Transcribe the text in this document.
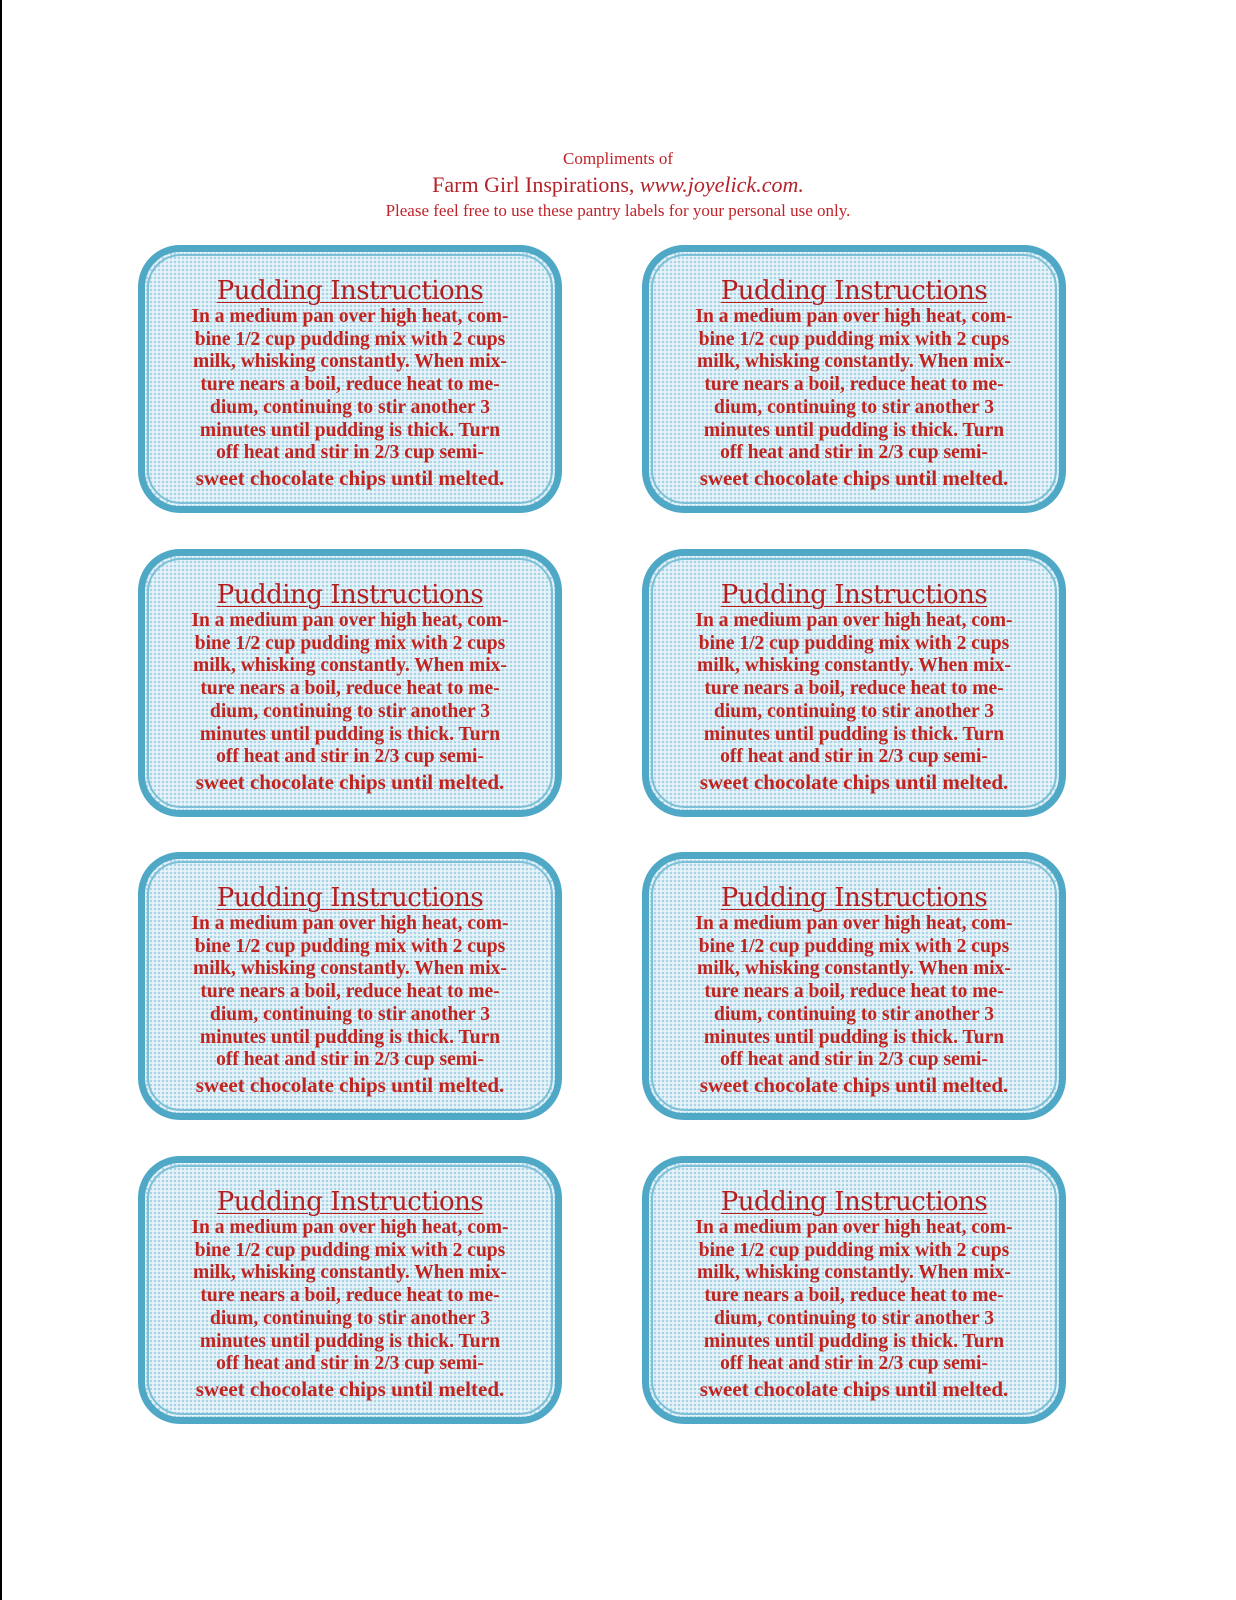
Compliments of
Farm Girl Inspirations, www.joyelick.com.
Please feel free to use these pantry labels for your personal use only.
Pudding Instructions
In a medium pan over high heat, com-
bine 1/2 cup pudding mix with 2 cups
milk, whisking constantly. When mix-
ture nears a boil, reduce heat to me-
dium, continuing to stir another 3
minutes until pudding is thick. Turn
off heat and stir in 2/3 cup semi-
sweet chocolate chips until melted.
Pudding Instructions
In a medium pan over high heat, com-
bine 1/2 cup pudding mix with 2 cups
milk, whisking constantly. When mix-
ture nears a boil, reduce heat to me-
dium, continuing to stir another 3
minutes until pudding is thick. Turn
off heat and stir in 2/3 cup semi-
sweet chocolate chips until melted.
Pudding Instructions
In a medium pan over high heat, com-
bine 1/2 cup pudding mix with 2 cups
milk, whisking constantly. When mix-
ture nears a boil, reduce heat to me-
dium, continuing to stir another 3
minutes until pudding is thick. Turn
off heat and stir in 2/3 cup semi-
sweet chocolate chips until melted.
Pudding Instructions
In a medium pan over high heat, com-
bine 1/2 cup pudding mix with 2 cups
milk, whisking constantly. When mix-
ture nears a boil, reduce heat to me-
dium, continuing to stir another 3
minutes until pudding is thick. Turn
off heat and stir in 2/3 cup semi-
sweet chocolate chips until melted.
Pudding Instructions
In a medium pan over high heat, com-
bine 1/2 cup pudding mix with 2 cups
milk, whisking constantly. When mix-
ture nears a boil, reduce heat to me-
dium, continuing to stir another 3
minutes until pudding is thick. Turn
off heat and stir in 2/3 cup semi-
sweet chocolate chips until melted.
Pudding Instructions
In a medium pan over high heat, com-
bine 1/2 cup pudding mix with 2 cups
milk, whisking constantly. When mix-
ture nears a boil, reduce heat to me-
dium, continuing to stir another 3
minutes until pudding is thick. Turn
off heat and stir in 2/3 cup semi-
sweet chocolate chips until melted.
Pudding Instructions
In a medium pan over high heat, com-
bine 1/2 cup pudding mix with 2 cups
milk, whisking constantly. When mix-
ture nears a boil, reduce heat to me-
dium, continuing to stir another 3
minutes until pudding is thick. Turn
off heat and stir in 2/3 cup semi-
sweet chocolate chips until melted.
Pudding Instructions
In a medium pan over high heat, com-
bine 1/2 cup pudding mix with 2 cups
milk, whisking constantly. When mix-
ture nears a boil, reduce heat to me-
dium, continuing to stir another 3
minutes until pudding is thick. Turn
off heat and stir in 2/3 cup semi-
sweet chocolate chips until melted.
